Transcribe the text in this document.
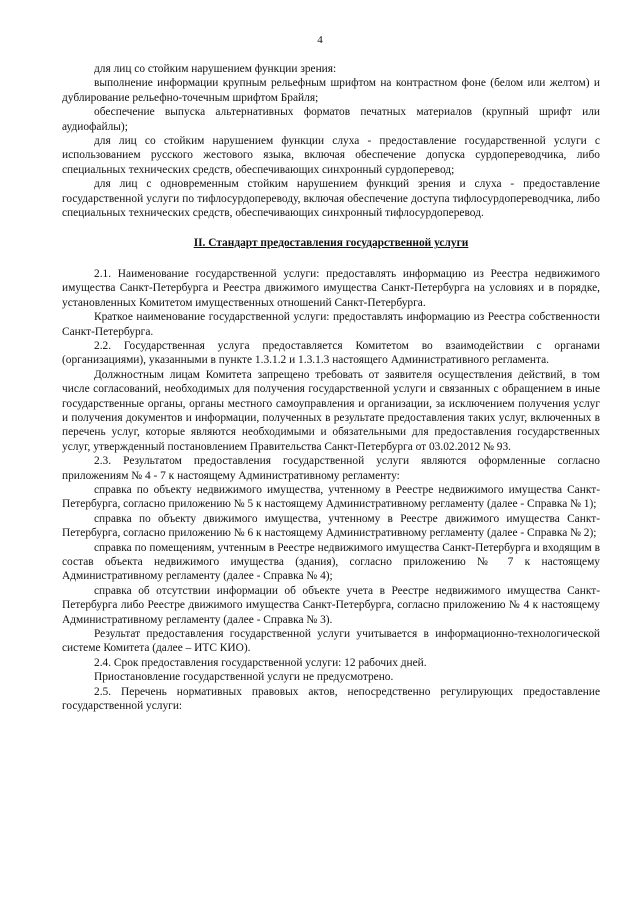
4

для лиц со стойким нарушением функции зрения:

выполнение информации крупным рельефным шрифтом на контрастном фоне (белом или желтом) и дублирование рельефно-точечным шрифтом Брайля;

обеспечение выпуска альтернативных форматов печатных материалов (крупный шрифт или аудиофайлы);

для лиц со стойким нарушением функции слуха - предоставление государственной услуги с использованием русского жестового языка, включая обеспечение допуска сурдопереводчика, либо специальных технических средств, обеспечивающих синхронный сурдоперевод;

для лиц с одновременным стойким нарушением функций зрения и слуха - предоставление государственной услуги по тифлосурдопереводу, включая обеспечение доступа тифлосурдопереводчика, либо специальных технических средств, обеспечивающих синхронный тифлосурдоперевод.

II. Стандарт предоставления государственной услуги

2.1. Наименование государственной услуги: предоставлять информацию из Реестра недвижимого имущества Санкт-Петербурга и Реестра движимого имущества Санкт-Петербурга на условиях и в порядке, установленных Комитетом имущественных отношений Санкт-Петербурга.

Краткое наименование государственной услуги: предоставлять информацию из Реестра собственности Санкт-Петербурга.

2.2. Государственная услуга предоставляется Комитетом во взаимодействии с органами (организациями), указанными в пункте 1.3.1.2 и 1.3.1.3 настоящего Административного регламента.

Должностным лицам Комитета запрещено требовать от заявителя осуществления действий, в том числе согласований, необходимых для получения государственной услуги и связанных с обращением в иные государственные органы, органы местного самоуправления и организации, за исключением получения услуг и получения документов и информации, полученных в результате предоставления таких услуг, включенных в перечень услуг, которые являются необходимыми и обязательными для предоставления государственных услуг, утвержденный постановлением Правительства Санкт-Петербурга от 03.02.2012 № 93.

2.3. Результатом предоставления государственной услуги являются оформленные согласно приложениям № 4 - 7 к настоящему Административному регламенту:

справка по объекту недвижимого имущества, учтенному в Реестре недвижимого имущества Санкт-Петербурга, согласно приложению № 5 к настоящему Административному регламенту (далее - Справка № 1);

справка по объекту движимого имущества, учтенному в Реестре движимого имущества Санкт-Петербурга, согласно приложению № 6 к настоящему Административному регламенту (далее - Справка № 2);

справка по помещениям, учтенным в Реестре недвижимого имущества Санкт-Петербурга и входящим в состав объекта недвижимого имущества (здания), согласно приложению № 7 к настоящему Административному регламенту (далее - Справка № 4);

справка об отсутствии информации об объекте учета в Реестре недвижимого имущества Санкт-Петербурга либо Реестре движимого имущества Санкт-Петербурга, согласно приложению № 4 к настоящему Административному регламенту (далее - Справка № 3).

Результат предоставления государственной услуги учитывается в информационно-технологической системе Комитета (далее – ИТС КИО).

2.4. Срок предоставления государственной услуги: 12 рабочих дней.

Приостановление государственной услуги не предусмотрено.

2.5. Перечень нормативных правовых актов, непосредственно регулирующих предоставление государственной услуги:
